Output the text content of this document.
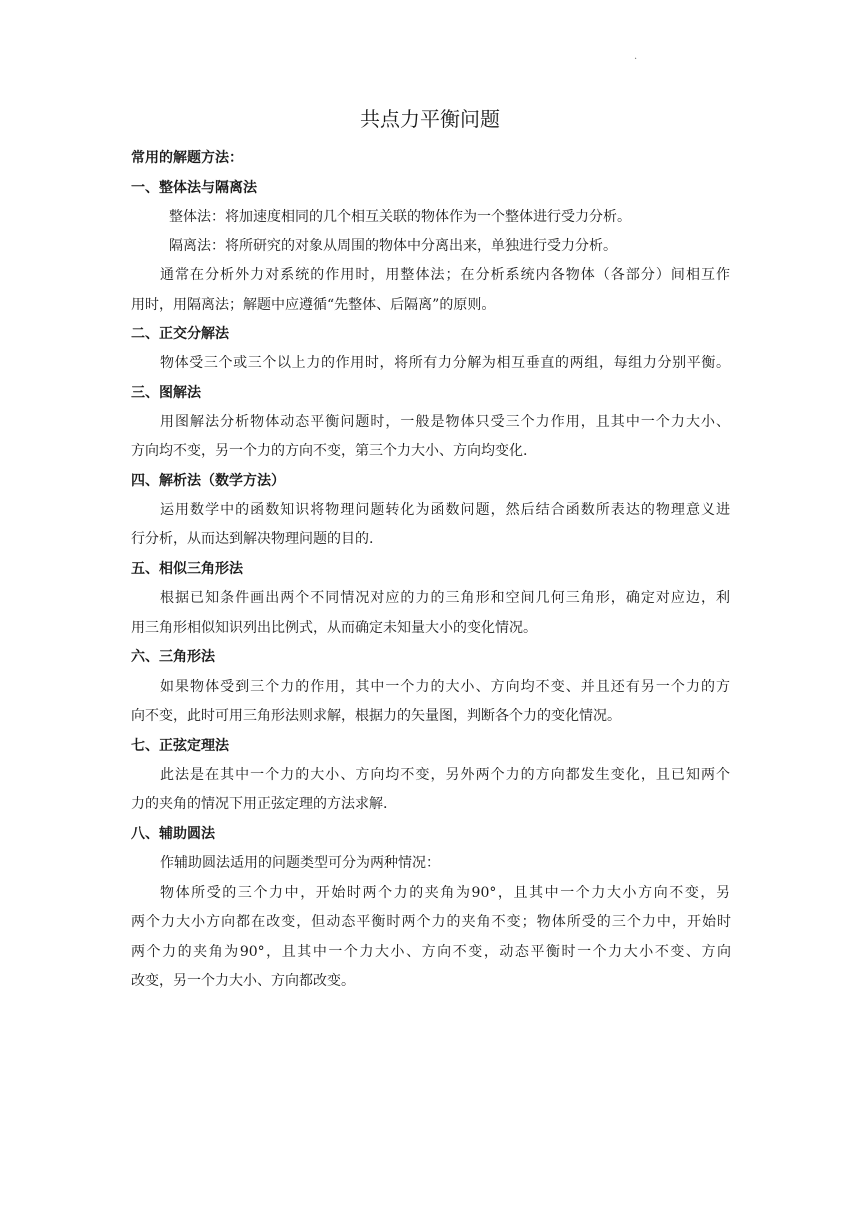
.
共点力平衡问题
常用的解题方法：
一、整体法与隔离法
整体法：将加速度相同的几个相互关联的物体作为一个整体进行受力分析。
隔离法：将所研究的对象从周围的物体中分离出来，单独进行受力分析。
通常在分析外力对系统的作用时，用整体法；在分析系统内各物体（各部分）间相互作
用时，用隔离法；解题中应遵循“先整体、后隔离”的原则。
二、正交分解法
物体受三个或三个以上力的作用时，将所有力分解为相互垂直的两组，每组力分别平衡。
三、图解法
用图解法分析物体动态平衡问题时，一般是物体只受三个力作用，且其中一个力大小、
方向均不变，另一个力的方向不变，第三个力大小、方向均变化.
四、解析法（数学方法）
运用数学中的函数知识将物理问题转化为函数问题，然后结合函数所表达的物理意义进
行分析，从而达到解决物理问题的目的.
五、相似三角形法
根据已知条件画出两个不同情况对应的力的三角形和空间几何三角形，确定对应边，利
用三角形相似知识列出比例式，从而确定未知量大小的变化情况。
六、三角形法
如果物体受到三个力的作用，其中一个力的大小、方向均不变、并且还有另一个力的方
向不变，此时可用三角形法则求解，根据力的矢量图，判断各个力的变化情况。
七、正弦定理法
此法是在其中一个力的大小、方向均不变，另外两个力的方向都发生变化，且已知两个
力的夹角的情况下用正弦定理的方法求解.
八、辅助圆法
作辅助圆法适用的问题类型可分为两种情况：
物体所受的三个力中，开始时两个力的夹角为90°，且其中一个力大小方向不变，另
两个力大小方向都在改变，但动态平衡时两个力的夹角不变；物体所受的三个力中，开始时
两个力的夹角为90°，且其中一个力大小、方向不变，动态平衡时一个力大小不变、方向
改变，另一个力大小、方向都改变。
